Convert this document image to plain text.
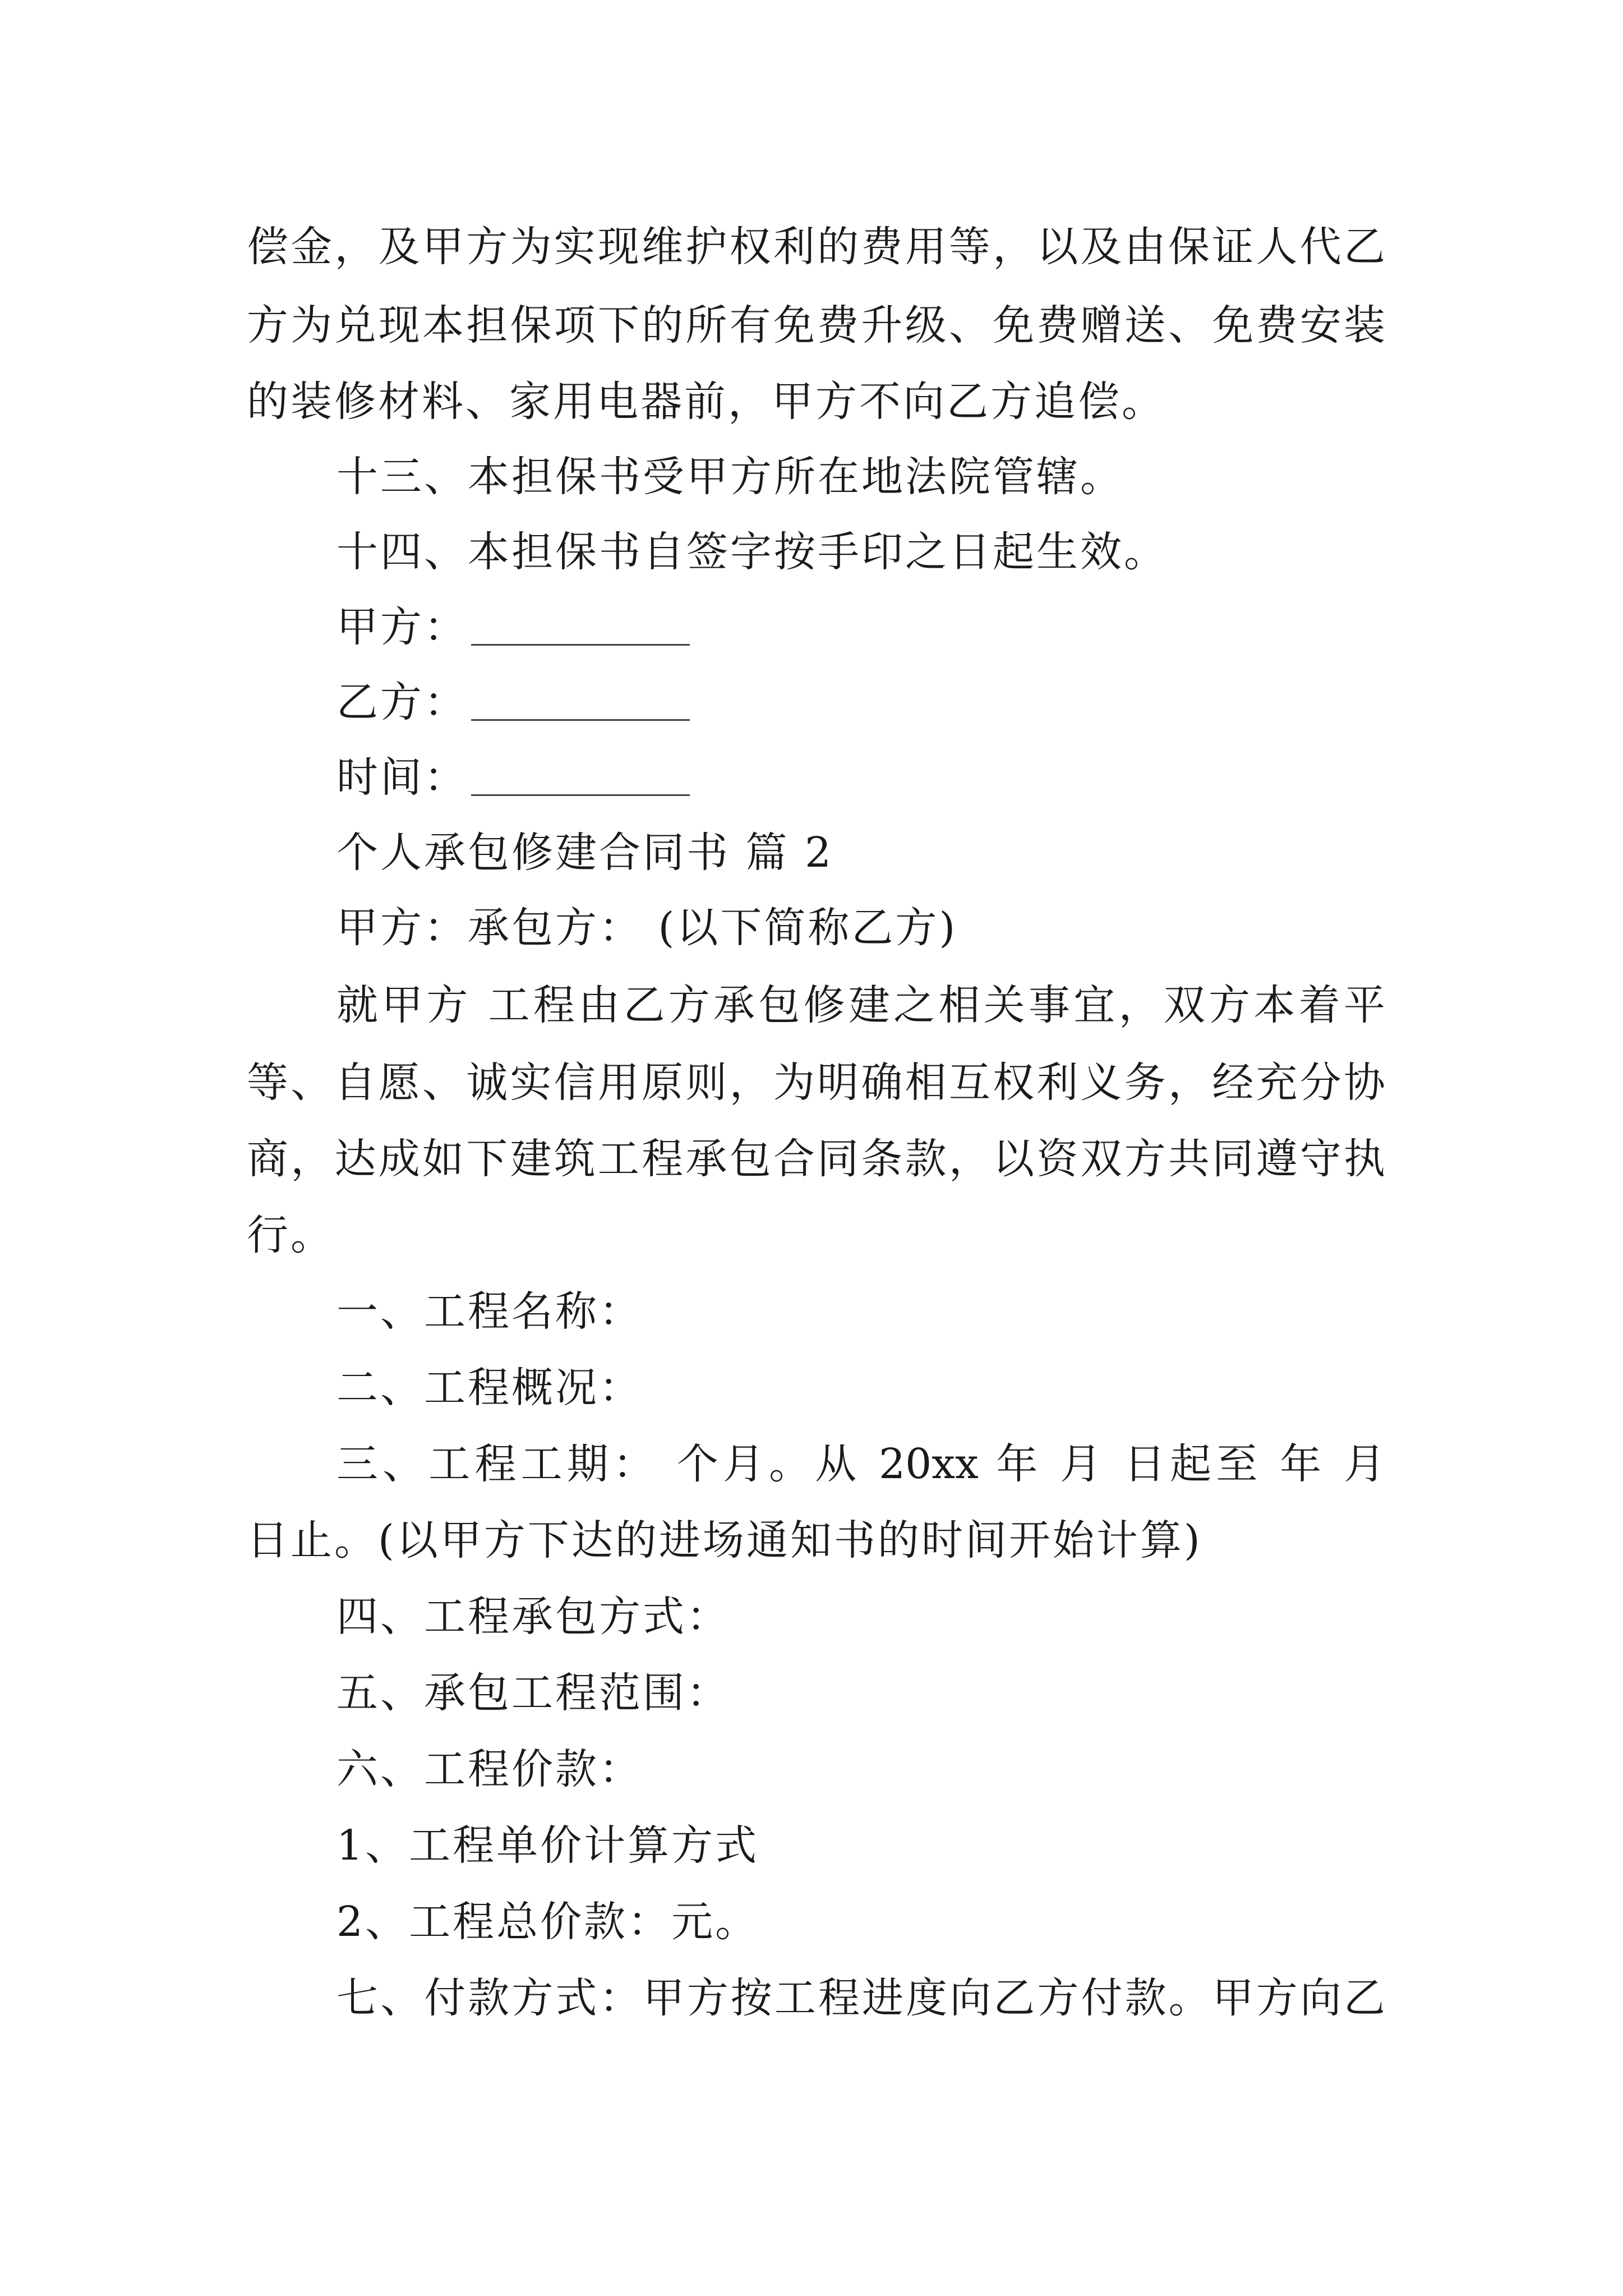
偿金，及甲方为实现维护权利的费用等，以及由保证人代乙
方为兑现本担保项下的所有免费升级、免费赠送、免费安装
的装修材料、家用电器前，甲方不向乙方追偿。
十三、本担保书受甲方所在地法院管辖。
十四、本担保书自签字按手印之日起生效。
甲方：
乙方：
时间：
个人承包修建合同书 篇 2
甲方：承包方： (以下简称乙方)
就甲方 工程由乙方承包修建之相关事宜，双方本着平
等、自愿、诚实信用原则，为明确相互权利义务，经充分协
商，达成如下建筑工程承包合同条款，以资双方共同遵守执
行。
一、工程名称：
二、工程概况：
三、工程工期： 个月。从 20xx 年 月 日起至 年 月
日止。(以甲方下达的进场通知书的时间开始计算)
四、工程承包方式：
五、承包工程范围：
六、工程价款：
1、工程单价计算方式
2、工程总价款：元。
七、付款方式：甲方按工程进度向乙方付款。甲方向乙
